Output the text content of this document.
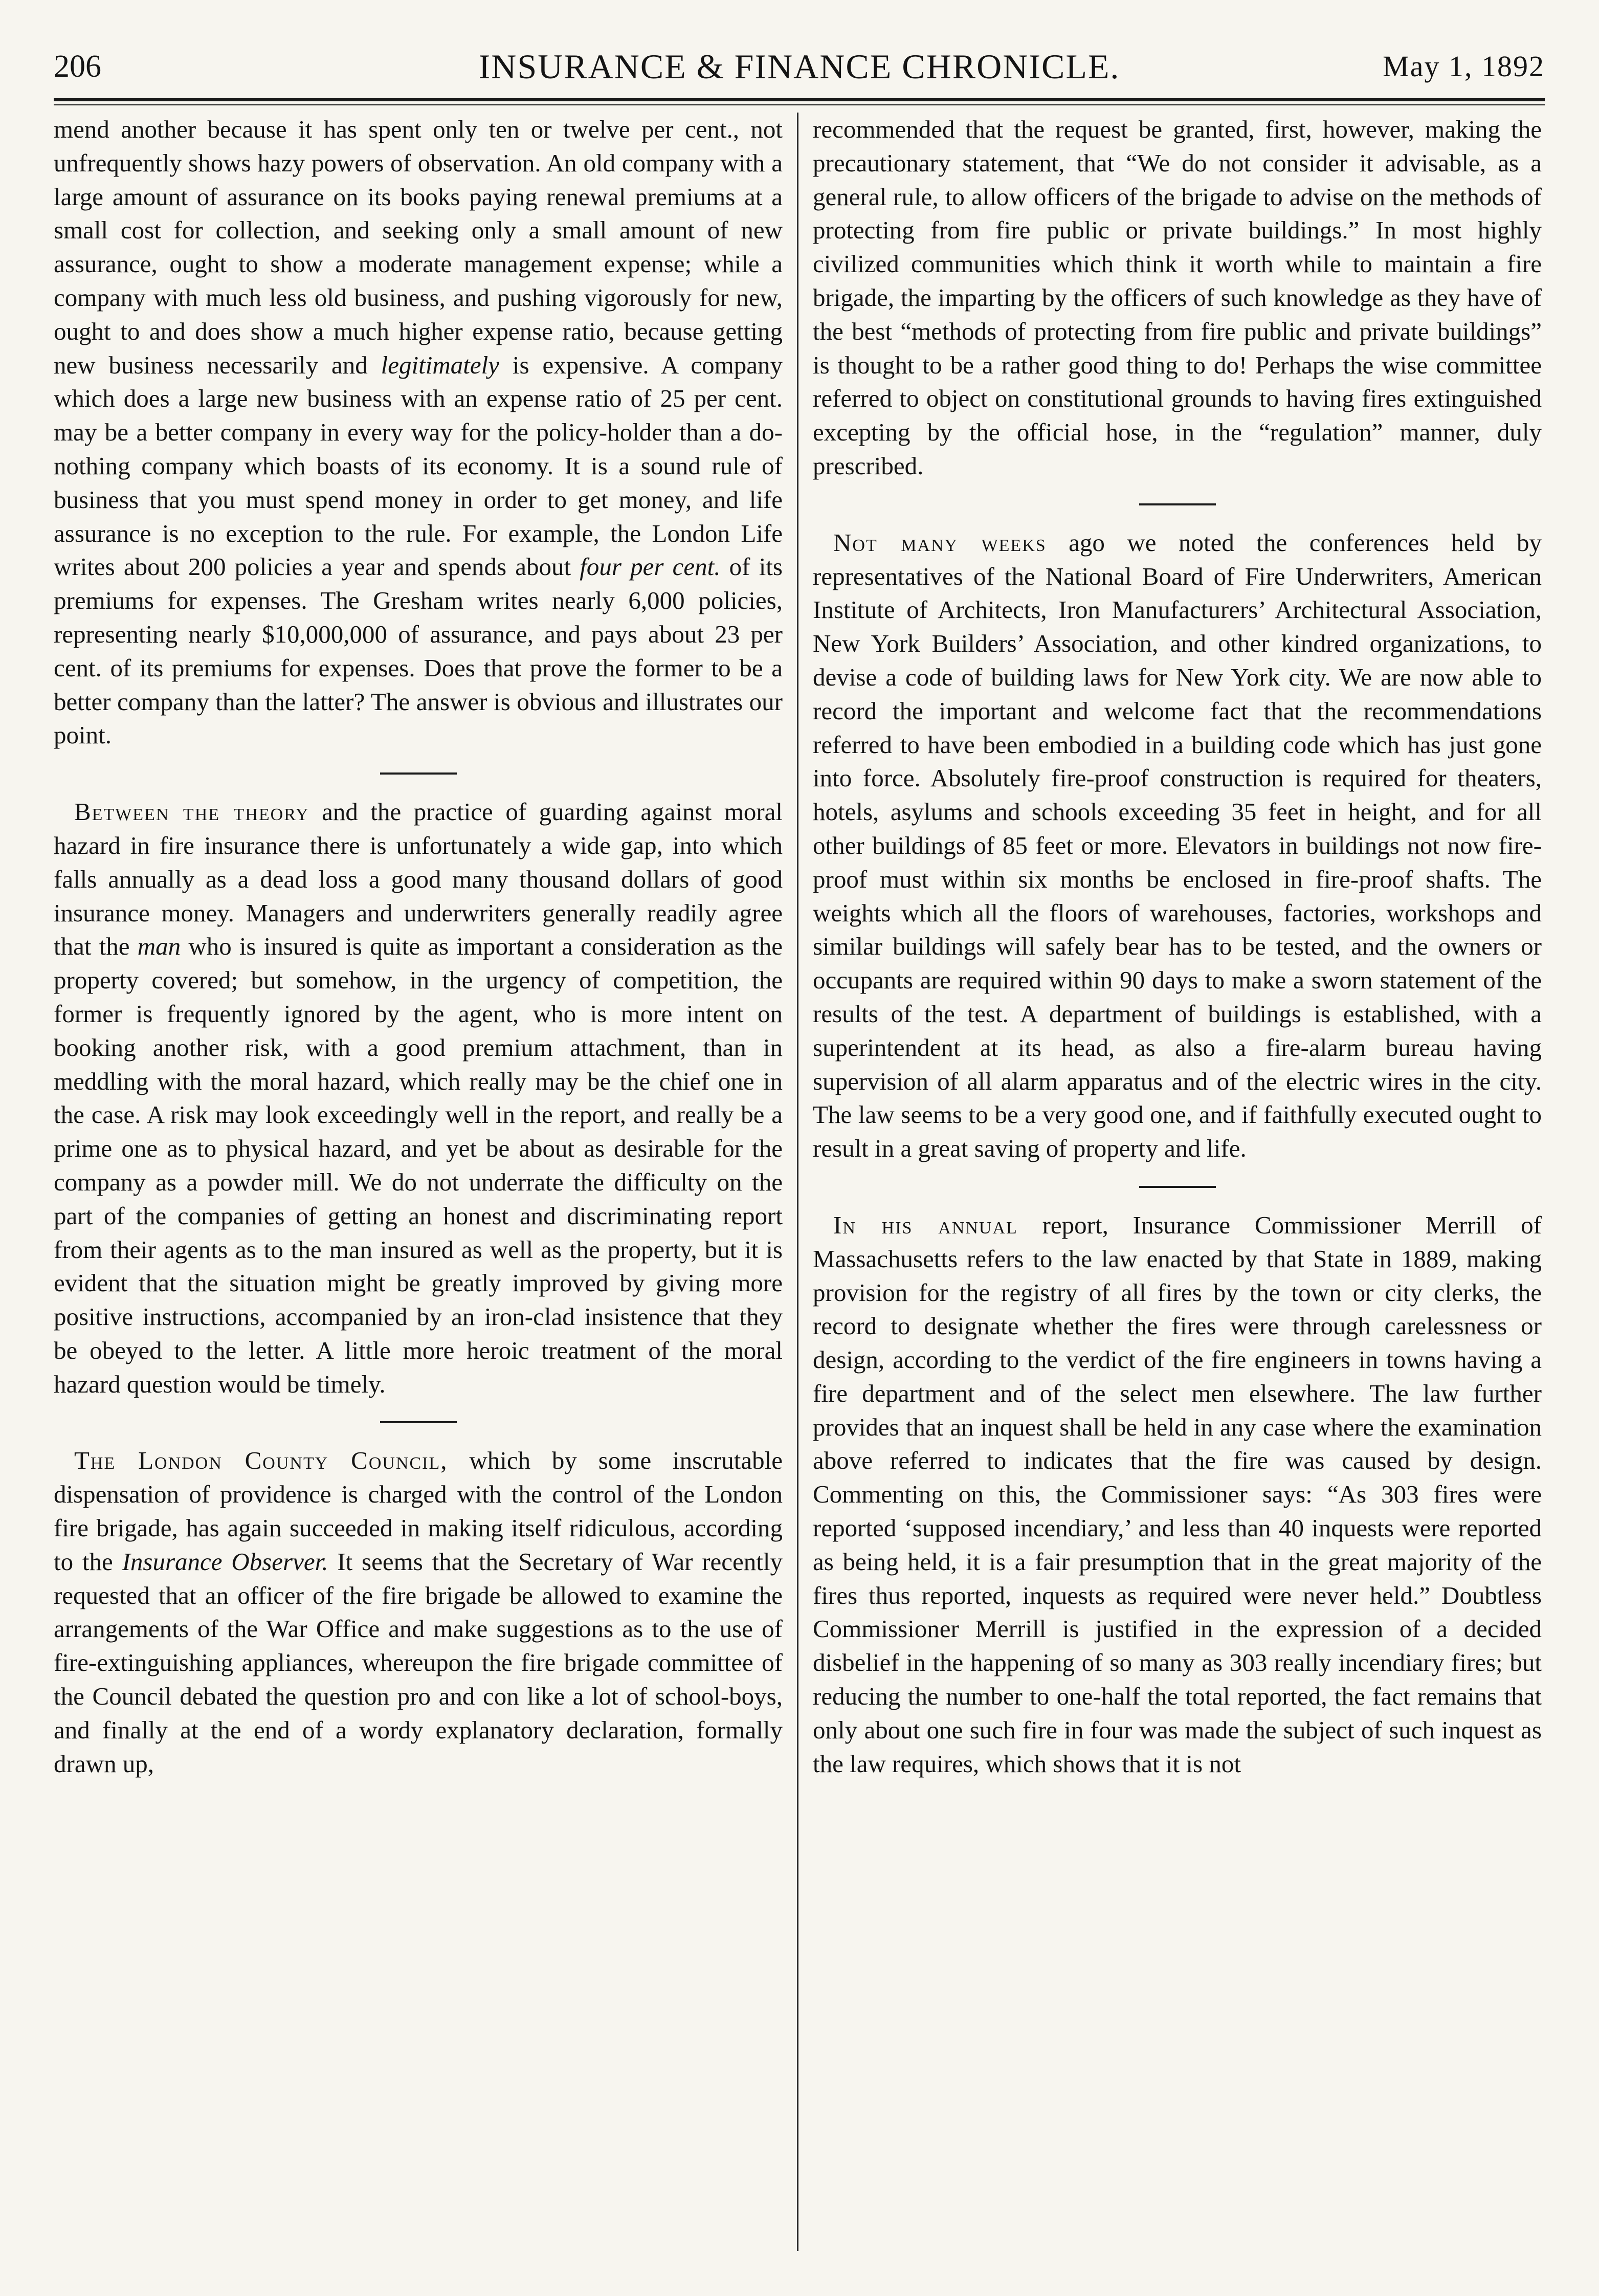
206	INSURANCE & FINANCE CHRONICLE.	May 1, 1892

mend another because it has spent only ten or twelve per cent., not unfrequently shows hazy powers of observation. An old company with a large amount of assurance on its books paying renewal premiums at a small cost for collection, and seeking only a small amount of new assurance, ought to show a moderate management expense; while a company with much less old business, and pushing vigorously for new, ought to and does show a much higher expense ratio, because getting new business necessarily and legitimately is expensive. A company which does a large new business with an expense ratio of 25 per cent. may be a better company in every way for the policy-holder than a do-nothing company which boasts of its economy. It is a sound rule of business that you must spend money in order to get money, and life assurance is no exception to the rule. For example, the London Life writes about 200 policies a year and spends about four per cent. of its premiums for expenses. The Gresham writes nearly 6,000 policies, representing nearly $10,000,000 of assurance, and pays about 23 per cent. of its premiums for expenses. Does that prove the former to be a better company than the latter? The answer is obvious and illustrates our point.

Between the theory and the practice of guarding against moral hazard in fire insurance there is unfortunately a wide gap, into which falls annually as a dead loss a good many thousand dollars of good insurance money. Managers and underwriters generally readily agree that the man who is insured is quite as important a consideration as the property covered; but somehow, in the urgency of competition, the former is frequently ignored by the agent, who is more intent on booking another risk, with a good premium attachment, than in meddling with the moral hazard, which really may be the chief one in the case. A risk may look exceedingly well in the report, and really be a prime one as to physical hazard, and yet be about as desirable for the company as a powder mill. We do not underrate the difficulty on the part of the companies of getting an honest and discriminating report from their agents as to the man insured as well as the property, but it is evident that the situation might be greatly improved by giving more positive instructions, accompanied by an iron-clad insistence that they be obeyed to the letter. A little more heroic treatment of the moral hazard question would be timely.

The London County Council, which by some inscrutable dispensation of providence is charged with the control of the London fire brigade, has again succeeded in making itself ridiculous, according to the Insurance Observer. It seems that the Secretary of War recently requested that an officer of the fire brigade be allowed to examine the arrangements of the War Office and make suggestions as to the use of fire-extinguishing appliances, whereupon the fire brigade committee of the Council debated the question pro and con like a lot of school-boys, and finally at the end of a wordy explanatory declaration, formally drawn up,

recommended that the request be granted, first, however, making the precautionary statement, that “We do not consider it advisable, as a general rule, to allow officers of the brigade to advise on the methods of protecting from fire public or private buildings.” In most highly civilized communities which think it worth while to maintain a fire brigade, the imparting by the officers of such knowledge as they have of the best “methods of protecting from fire public and private buildings” is thought to be a rather good thing to do! Perhaps the wise committee referred to object on constitutional grounds to having fires extinguished excepting by the official hose, in the “regulation” manner, duly prescribed.

Not many weeks ago we noted the conferences held by representatives of the National Board of Fire Underwriters, American Institute of Architects, Iron Manufacturers’ Architectural Association, New York Builders’ Association, and other kindred organizations, to devise a code of building laws for New York city. We are now able to record the important and welcome fact that the recommendations referred to have been embodied in a building code which has just gone into force. Absolutely fire-proof construction is required for theaters, hotels, asylums and schools exceeding 35 feet in height, and for all other buildings of 85 feet or more. Elevators in buildings not now fire-proof must within six months be enclosed in fire-proof shafts. The weights which all the floors of warehouses, factories, workshops and similar buildings will safely bear has to be tested, and the owners or occupants are required within 90 days to make a sworn statement of the results of the test. A department of buildings is established, with a superintendent at its head, as also a fire-alarm bureau having supervision of all alarm apparatus and of the electric wires in the city. The law seems to be a very good one, and if faithfully executed ought to result in a great saving of property and life.

In his annual report, Insurance Commissioner Merrill of Massachusetts refers to the law enacted by that State in 1889, making provision for the registry of all fires by the town or city clerks, the record to designate whether the fires were through carelessness or design, according to the verdict of the fire engineers in towns having a fire department and of the select men elsewhere. The law further provides that an inquest shall be held in any case where the examination above referred to indicates that the fire was caused by design. Commenting on this, the Commissioner says: “As 303 fires were reported ‘supposed incendiary,’ and less than 40 inquests were reported as being held, it is a fair presumption that in the great majority of the fires thus reported, inquests as required were never held.” Doubtless Commissioner Merrill is justified in the expression of a decided disbelief in the happening of so many as 303 really incendiary fires; but reducing the number to one-half the total reported, the fact remains that only about one such fire in four was made the subject of such inquest as the law requires, which shows that it is not
